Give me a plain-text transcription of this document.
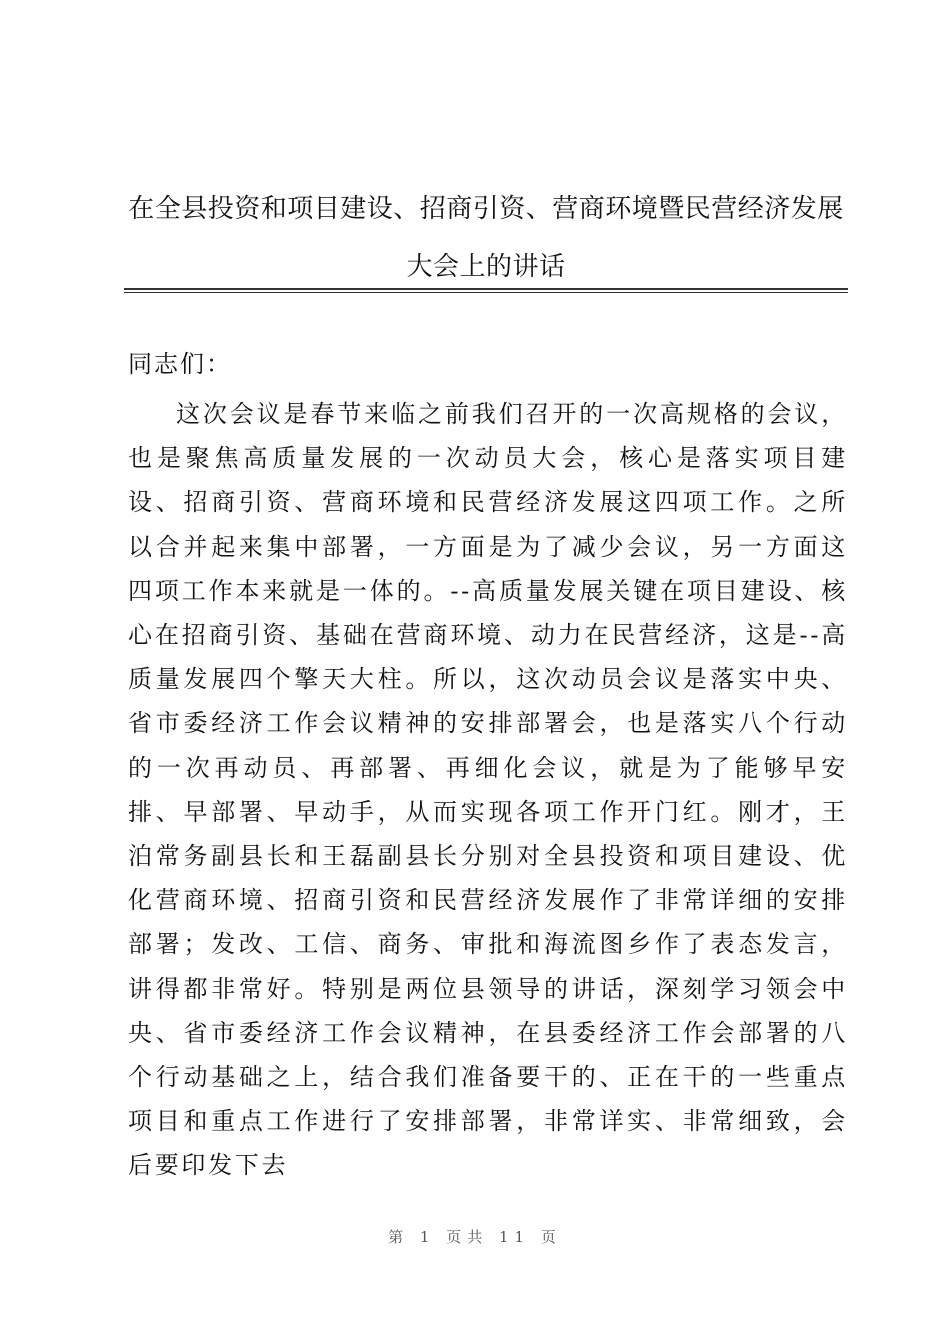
在全县投资和项目建设、招商引资、营商环境暨民营经济发展大会上的讲话
同志们：

这次会议是春节来临之前我们召开的一次高规格的会议，也是聚焦高质量发展的一次动员大会，核心是落实项目建设、招商引资、营商环境和民营经济发展这四项工作。之所以合并起来集中部署，一方面是为了减少会议，另一方面这四项工作本来就是一体的。--高质量发展关键在项目建设、核心在招商引资、基础在营商环境、动力在民营经济，这是--高质量发展四个擎天大柱。所以，这次动员会议是落实中央、省市委经济工作会议精神的安排部署会，也是落实八个行动的一次再动员、再部署、再细化会议，就是为了能够早安排、早部署、早动手，从而实现各项工作开门红。刚才，王泊常务副县长和王磊副县长分别对全县投资和项目建设、优化营商环境、招商引资和民营经济发展作了非常详细的安排部署；发改、工信、商务、审批和海流图乡作了表态发言，讲得都非常好。特别是两位县领导的讲话，深刻学习领会中央、省市委经济工作会议精神，在县委经济工作会部署的八个行动基础之上，结合我们准备要干的、正在干的一些重点项目和重点工作进行了安排部署，非常详实、非常细致，会后要印发下去

第 1 页共 11 页
